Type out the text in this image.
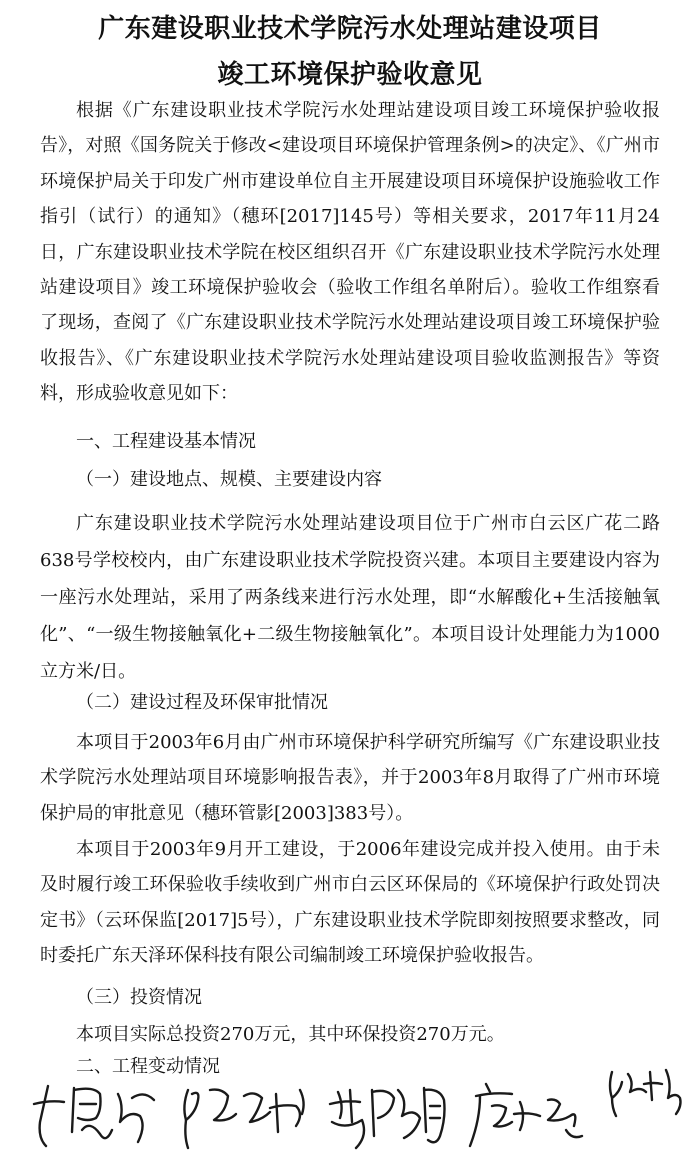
广东建设职业技术学院污水处理站建设项目
竣工环境保护验收意见

根据《广东建设职业技术学院污水处理站建设项目竣工环境保护验收报告》，对照《国务院关于修改<建设项目环境保护管理条例>的决定》、《广州市环境保护局关于印发广州市建设单位自主开展建设项目环境保护设施验收工作指引（试行）的通知》（穗环[2017]145号）等相关要求，2017年11月24日，广东建设职业技术学院在校区组织召开《广东建设职业技术学院污水处理站建设项目》竣工环境保护验收会（验收工作组名单附后）。验收工作组察看了现场，查阅了《广东建设职业技术学院污水处理站建设项目竣工环境保护验收报告》、《广东建设职业技术学院污水处理站建设项目验收监测报告》等资料，形成验收意见如下：

一、工程建设基本情况

（一）建设地点、规模、主要建设内容

广东建设职业技术学院污水处理站建设项目位于广州市白云区广花二路638号学校校内，由广东建设职业技术学院投资兴建。本项目主要建设内容为一座污水处理站，采用了两条线来进行污水处理，即“水解酸化+生活接触氧化”、“一级生物接触氧化+二级生物接触氧化”。本项目设计处理能力为1000立方米/日。

（二）建设过程及环保审批情况

本项目于2003年6月由广州市环境保护科学研究所编写《广东建设职业技术学院污水处理站项目环境影响报告表》，并于2003年8月取得了广州市环境保护局的审批意见（穗环管影[2003]383号）。

本项目于2003年9月开工建设，于2006年建设完成并投入使用。由于未及时履行竣工环保验收手续收到广州市白云区环保局的《环境保护行政处罚决定书》（云环保监[2017]5号），广东建设职业技术学院即刻按照要求整改，同时委托广东天泽环保科技有限公司编制竣工环境保护验收报告。

（三）投资情况

本项目实际总投资270万元，其中环保投资270万元。

二、工程变动情况
